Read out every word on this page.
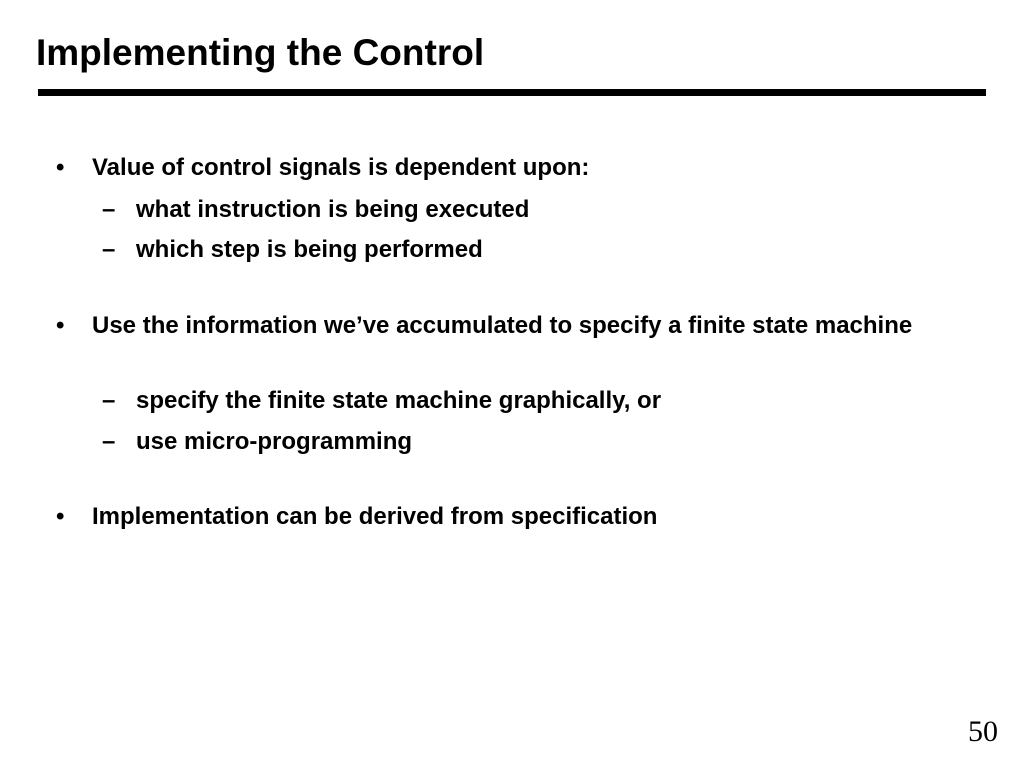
Implementing the Control
•	Value of control signals is dependent upon:
– what instruction is being executed
– which step is being performed
•	Use the information we’ve accumulated to specify a finite state machine
– specify the finite state machine graphically, or
– use micro-programming
•	Implementation can be derived from specification
50
